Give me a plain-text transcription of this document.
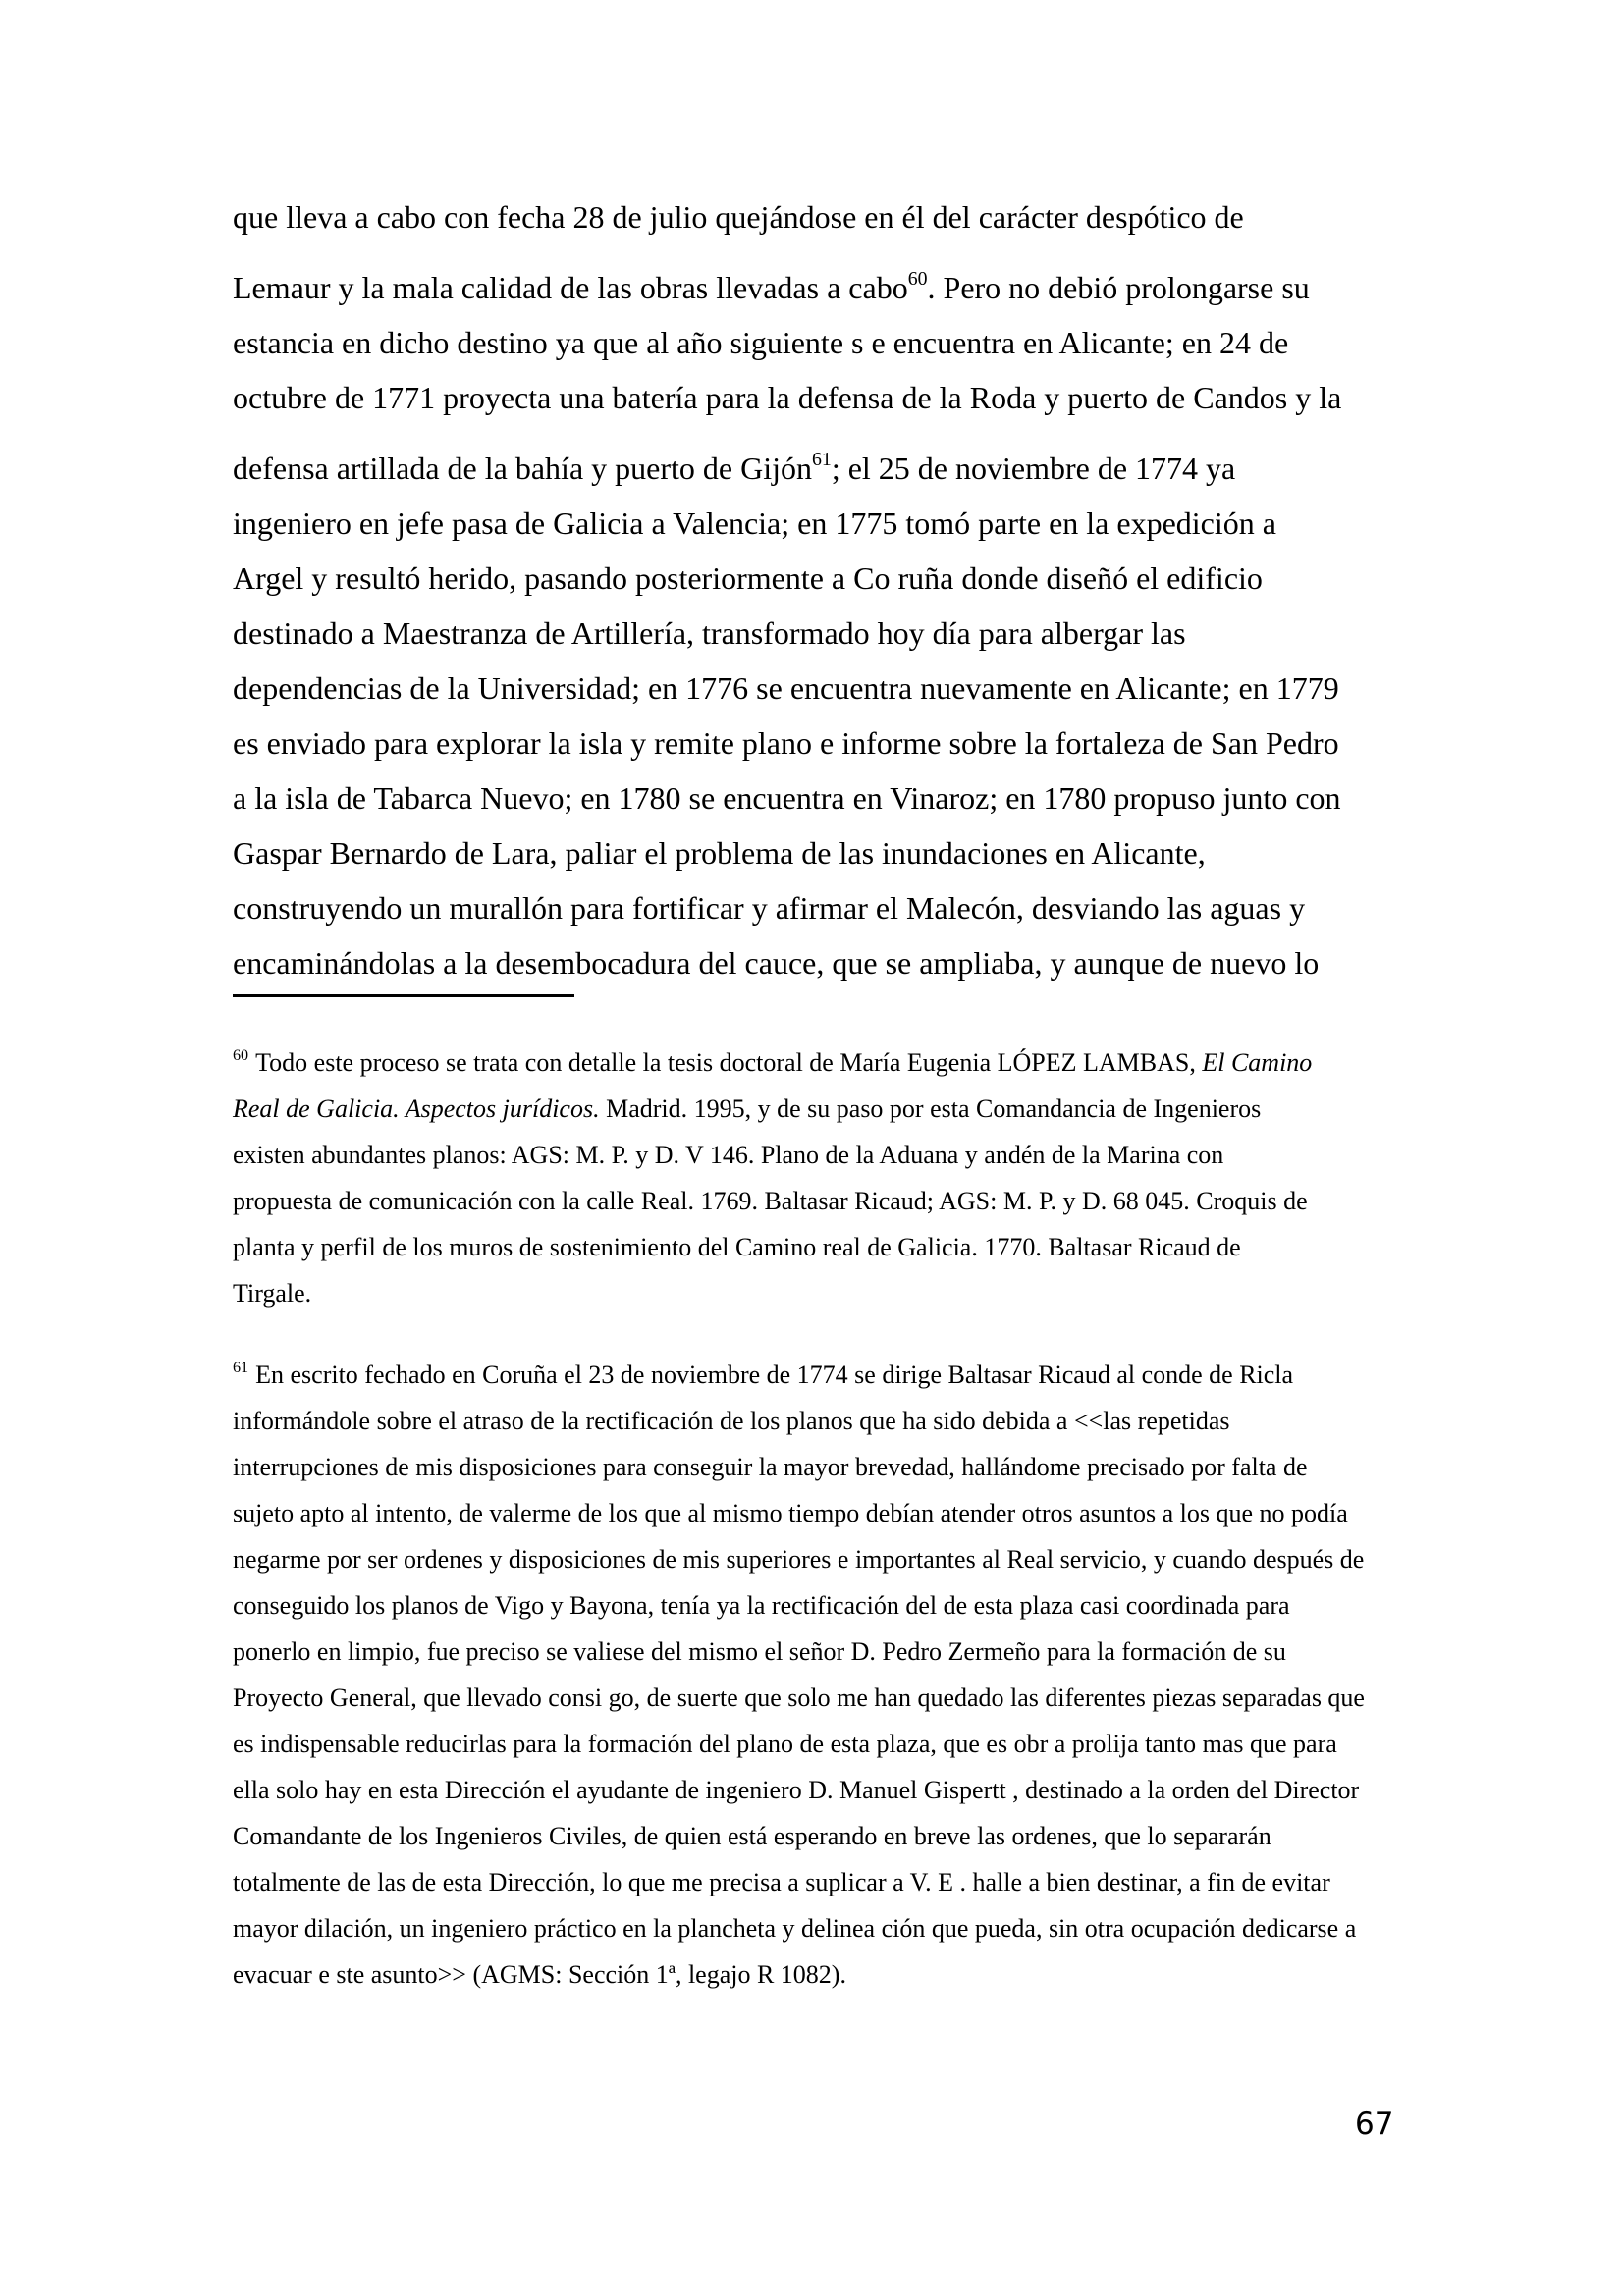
que lleva a cabo con fecha 28 de julio quejándose en él del carácter despótico de
Lemaur y la mala calidad de las obras llevadas a cabo$^{60}$. Pero no debió prolongarse su
estancia en dicho destino ya que al año siguiente s e encuentra en Alicante; en 24 de
octubre de 1771 proyecta una batería para la defensa de la Roda y puerto de Candos y la
defensa artillada de la bahía y puerto de Gijón$^{61}$; el 25 de noviembre de 1774 ya
ingeniero en jefe pasa de Galicia a Valencia; en 1775 tomó parte en la expedición a
Argel y resultó herido, pasando posteriormente a Co ruña donde diseñó el edificio
destinado a Maestranza de Artillería, transformado hoy día para albergar las
dependencias de la Universidad; en 1776 se encuentra nuevamente en Alicante; en 1779
es enviado para explorar la isla y remite plano e informe sobre la fortaleza de San Pedro
a la isla de Tabarca Nuevo; en 1780 se encuentra en Vinaroz; en 1780 propuso junto con
Gaspar Bernardo de Lara, paliar el problema de las inundaciones en Alicante,
construyendo un murallón para fortificar y afirmar el Malecón, desviando las aguas y
encaminándolas a la desembocadura del cauce, que se ampliaba, y aunque de nuevo lo
$^{60}$ Todo este proceso se trata con detalle la tesis doctoral de María Eugenia LÓPEZ LAMBAS, El Camino
Real de Galicia. Aspectos jurídicos. Madrid. 1995, y de su paso por esta Comandancia de Ingenieros
existen abundantes planos: AGS: M. P. y D. V 146. Plano de la Aduana y andén de la Marina con
propuesta de comunicación con la calle Real. 1769. Baltasar Ricaud; AGS: M. P. y D. 68 045. Croquis de
planta y perfil de los muros de sostenimiento del Camino real de Galicia. 1770. Baltasar Ricaud de
Tirgale.
$^{61}$ En escrito fechado en Coruña el 23 de noviembre de 1774 se dirige Baltasar Ricaud al conde de Ricla
informándole sobre el atraso de la rectificación de los planos que ha sido debida a <<las repetidas
interrupciones de mis disposiciones para conseguir la mayor brevedad, hallándome precisado por falta de
sujeto apto al intento, de valerme de los que al mismo tiempo debían atender otros asuntos a los que no podía
negarme por ser ordenes y disposiciones de mis superiores e importantes al Real servicio, y cuando después de
conseguido los planos de Vigo y Bayona, tenía ya la rectificación del de esta plaza casi coordinada para
ponerlo en limpio, fue preciso se valiese del mismo el señor D. Pedro Zermeño para la formación de su
Proyecto General, que llevado consi go, de suerte que solo me han quedado las diferentes piezas separadas que
es indispensable reducirlas para la formación del plano de esta plaza, que es obr a prolija tanto mas que para
ella solo hay en esta Dirección el ayudante de ingeniero D. Manuel Gispertt , destinado a la orden del Director
Comandante de los Ingenieros Civiles, de quien está esperando en breve las ordenes, que lo separarán
totalmente de las de esta Dirección, lo que me precisa a suplicar a V. E . halle a bien destinar, a fin de evitar
mayor dilación, un ingeniero práctico en la plancheta y delinea ción que pueda, sin otra ocupación dedicarse a
evacuar e ste asunto>> (AGMS: Sección 1ª, legajo R 1082).
67
